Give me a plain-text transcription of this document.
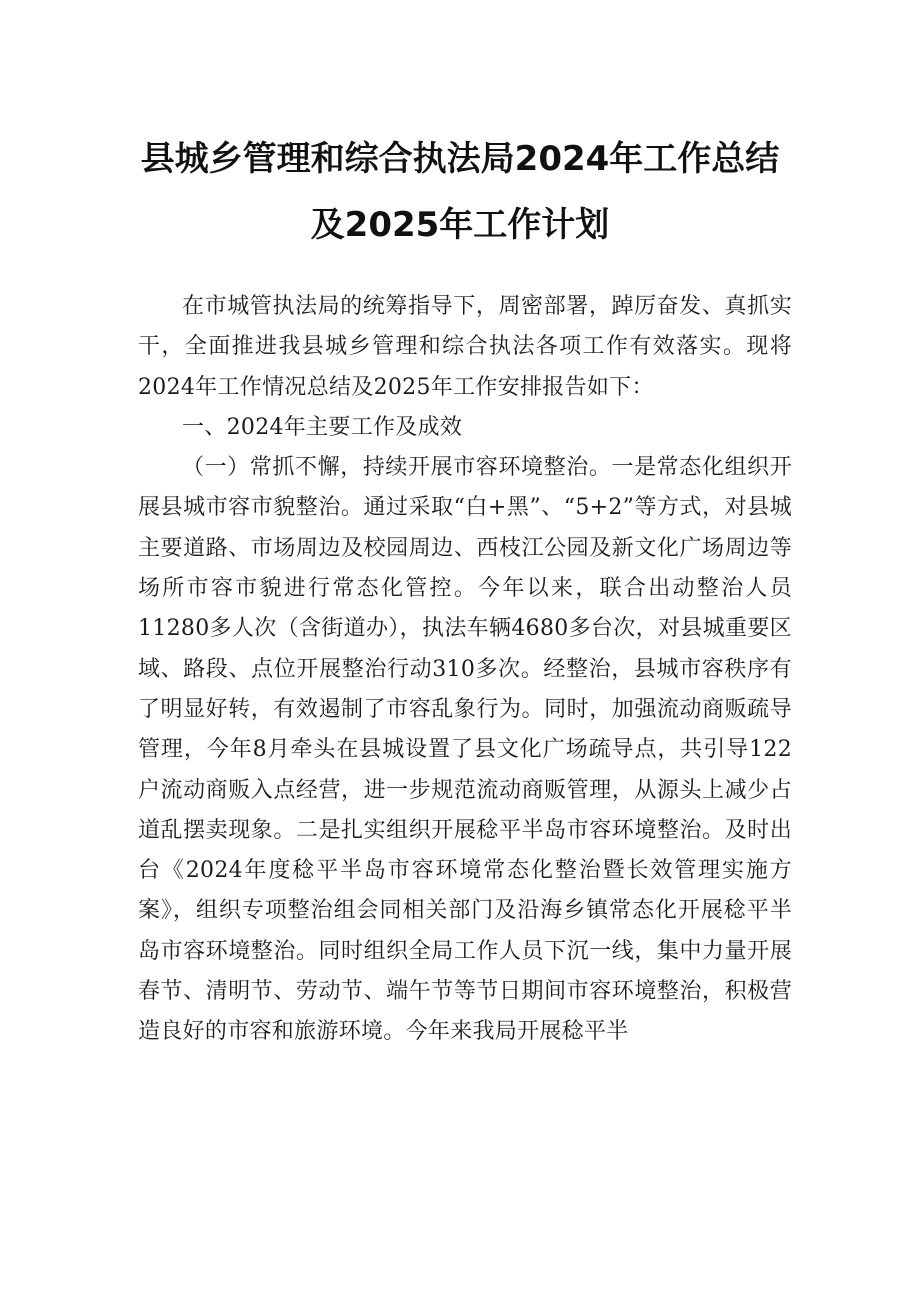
县城乡管理和综合执法局2024年工作总结
及2025年工作计划

在市城管执法局的统筹指导下，周密部署，踔厉奋发、真抓实干，全面推进我县城乡管理和综合执法各项工作有效落实。现将2024年工作情况总结及2025年工作安排报告如下：

一、2024年主要工作及成效

（一）常抓不懈，持续开展市容环境整治。一是常态化组织开展县城市容市貌整治。通过采取“白+黑”、“5+2”等方式，对县城主要道路、市场周边及校园周边、西枝江公园及新文化广场周边等场所市容市貌进行常态化管控。今年以来，联合出动整治人员11280多人次（含街道办），执法车辆4680多台次，对县城重要区域、路段、点位开展整治行动310多次。经整治，县城市容秩序有了明显好转，有效遏制了市容乱象行为。同时，加强流动商贩疏导管理，今年8月牵头在县城设置了县文化广场疏导点，共引导122户流动商贩入点经营，进一步规范流动商贩管理，从源头上减少占道乱摆卖现象。二是扎实组织开展稔平半岛市容环境整治。及时出台《2024年度稔平半岛市容环境常态化整治暨长效管理实施方案》，组织专项整治组会同相关部门及沿海乡镇常态化开展稔平半岛市容环境整治。同时组织全局工作人员下沉一线，集中力量开展春节、清明节、劳动节、端午节等节日期间市容环境整治，积极营造良好的市容和旅游环境。今年来我局开展稔平半
